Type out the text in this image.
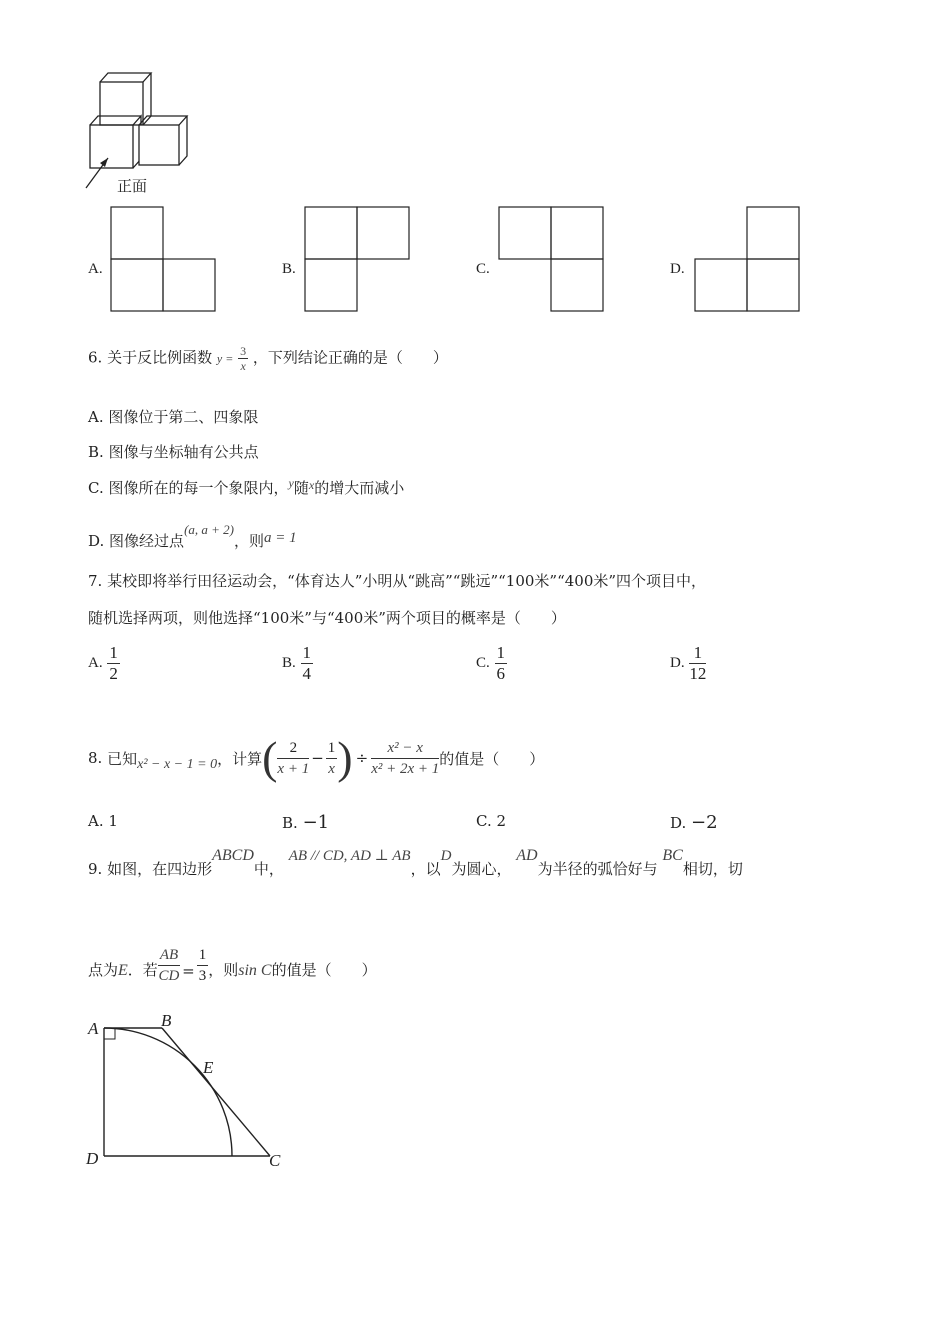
正面
A.	B.	C.	D.
6. 关于反比例函数 $y = \frac{3}{x}$ ，下列结论正确的是（　　）
A. 图像位于第二、四象限
B. 图像与坐标轴有公共点
C. 图像所在的每一个象限内，$^y$随$^x$的增大而减小
D. 图像经过点(a, a + 2)，则a = 1
7. 某校即将举行田径运动会，“体育达人”小明从“跳高”“跳远”“100米”“400米”四个项目中，
随机选择两项，则他选择“100米”与“400米”两个项目的概率是（　　）
A. $\frac{1}{2}$	B. $\frac{1}{4}$	C. $\frac{1}{6}$	D. $\frac{1}{12}$
8.
已知 x² − x − 1 = 0 ，计算 ( $\frac{2}{x + 1} - \frac{1}{x}$ ) ÷ $\frac{\text{x² − x}}{\text{x² + 2x + 1}}$ 的值是（　　）
A. 1	B. −1	C. 2	D. −2
9. 如图，在四边形ABCD中， AB // CD, AD ⊥ AB，以D为圆心， AD为半径的弧恰好与 BC相切，切
点为 E ．若 $\frac{AB}{CD} = \frac{1}{3}$ ，则 sin C 的值是（　　）
A	B
E
D	C
